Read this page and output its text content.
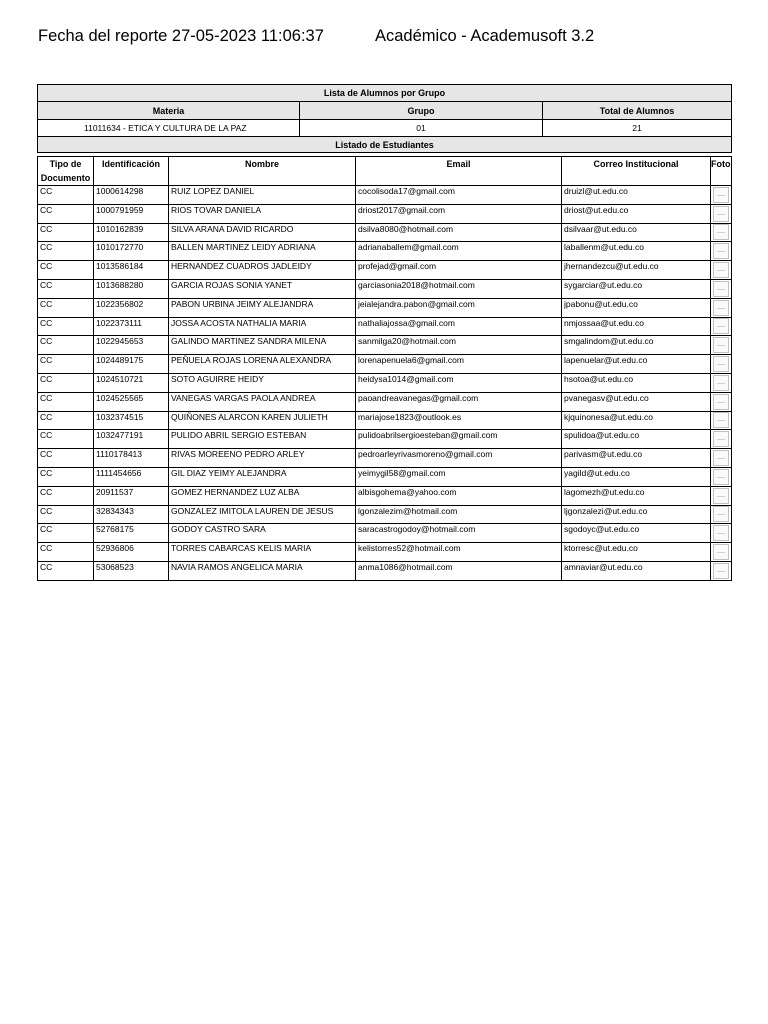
Fecha del reporte 27-05-2023 11:06:37	Académico - Academusoft 3.2
Lista de Alumnos por Grupo		
Materia	Grupo	Total de Alumnos
11011634 - ETICA Y CULTURA DE LA PAZ	01	21
Listado de Estudiantes		
Tipo de Documento	Identificación	Nombre	Email	Correo Institucional	Foto
CC	1000614298	RUIZ LOPEZ DANIEL	cocolisoda17@gmail.com	druizl@ut.edu.co	

CC	1000791959	RIOS TOVAR DANIELA	driost2017@gmail.com	driost@ut.edu.co	

CC	1010162839	SILVA ARANA DAVID RICARDO	dsilva8080@hotmail.com	dsilvaar@ut.edu.co	

CC	1010172770	BALLEN MARTINEZ LEIDY ADRIANA	adrianaballem@gmail.com	laballenm@ut.edu.co	

CC	1013586184	HERNANDEZ CUADROS JADLEIDY	profejad@gmail.com	jhernandezcu@ut.edu.co	

CC	1013688280	GARCIA ROJAS SONIA YANET	garciasonia2018@hotmail.com	sygarciar@ut.edu.co	

CC	1022356802	PABON URBINA JEIMY ALEJANDRA	jeialejandra.pabon@gmail.com	jpabonu@ut.edu.co	

CC	1022373111	JOSSA ACOSTA NATHALIA MARIA	nathaliajossa@gmail.com	nmjossaa@ut.edu.co	

CC	1022945653	GALINDO MARTINEZ SANDRA MILENA	sanmilga20@hotmail.com	smgalindom@ut.edu.co	

CC	1024489175	PEÑUELA ROJAS LORENA ALEXANDRA	lorenapenuela6@gmail.com	lapenuelar@ut.edu.co	

CC	1024510721	SOTO AGUIRRE HEIDY	heidysa1014@gmail.com	hsotoa@ut.edu.co	

CC	1024525565	VANEGAS VARGAS PAOLA ANDREA	paoandreavanegas@gmail.com	pvanegasv@ut.edu.co	

CC	1032374515	QUIÑONES ALARCON KAREN JULIETH	mariajose1823@outlook.es	kjquinonesa@ut.edu.co	

CC	1032477191	PULIDO ABRIL SERGIO ESTEBAN	pulidoabrilsergioesteban@gmail.com	spulidoa@ut.edu.co	

CC	1110178413	RIVAS MOREENO PEDRO ARLEY	pedroarleyrivasmoreno@gmail.com	parivasm@ut.edu.co	

CC	1111454656	GIL DIAZ YEIMY ALEJANDRA	yeimygil58@gmail.com	yagild@ut.edu.co	

CC	20911537	GOMEZ HERNANDEZ LUZ ALBA	albisgohema@yahoo.com	lagomezh@ut.edu.co	

CC	32834343	GONZALEZ IMITOLA LAUREN DE JESUS	lgonzalezim@hotmail.com	ljgonzalezi@ut.edu.co	

CC	52768175	GODOY CASTRO SARA	saracastrogodoy@hotmail.com	sgodoyc@ut.edu.co	

CC	52936806	TORRES CABARCAS KELIS MARIA	kelistorres52@hotmail.com	ktorresc@ut.edu.co	

CC	53068523	NAVIA RAMOS ANGELICA MARIA	anma1086@hotmail.com	amnaviar@ut.edu.co	
